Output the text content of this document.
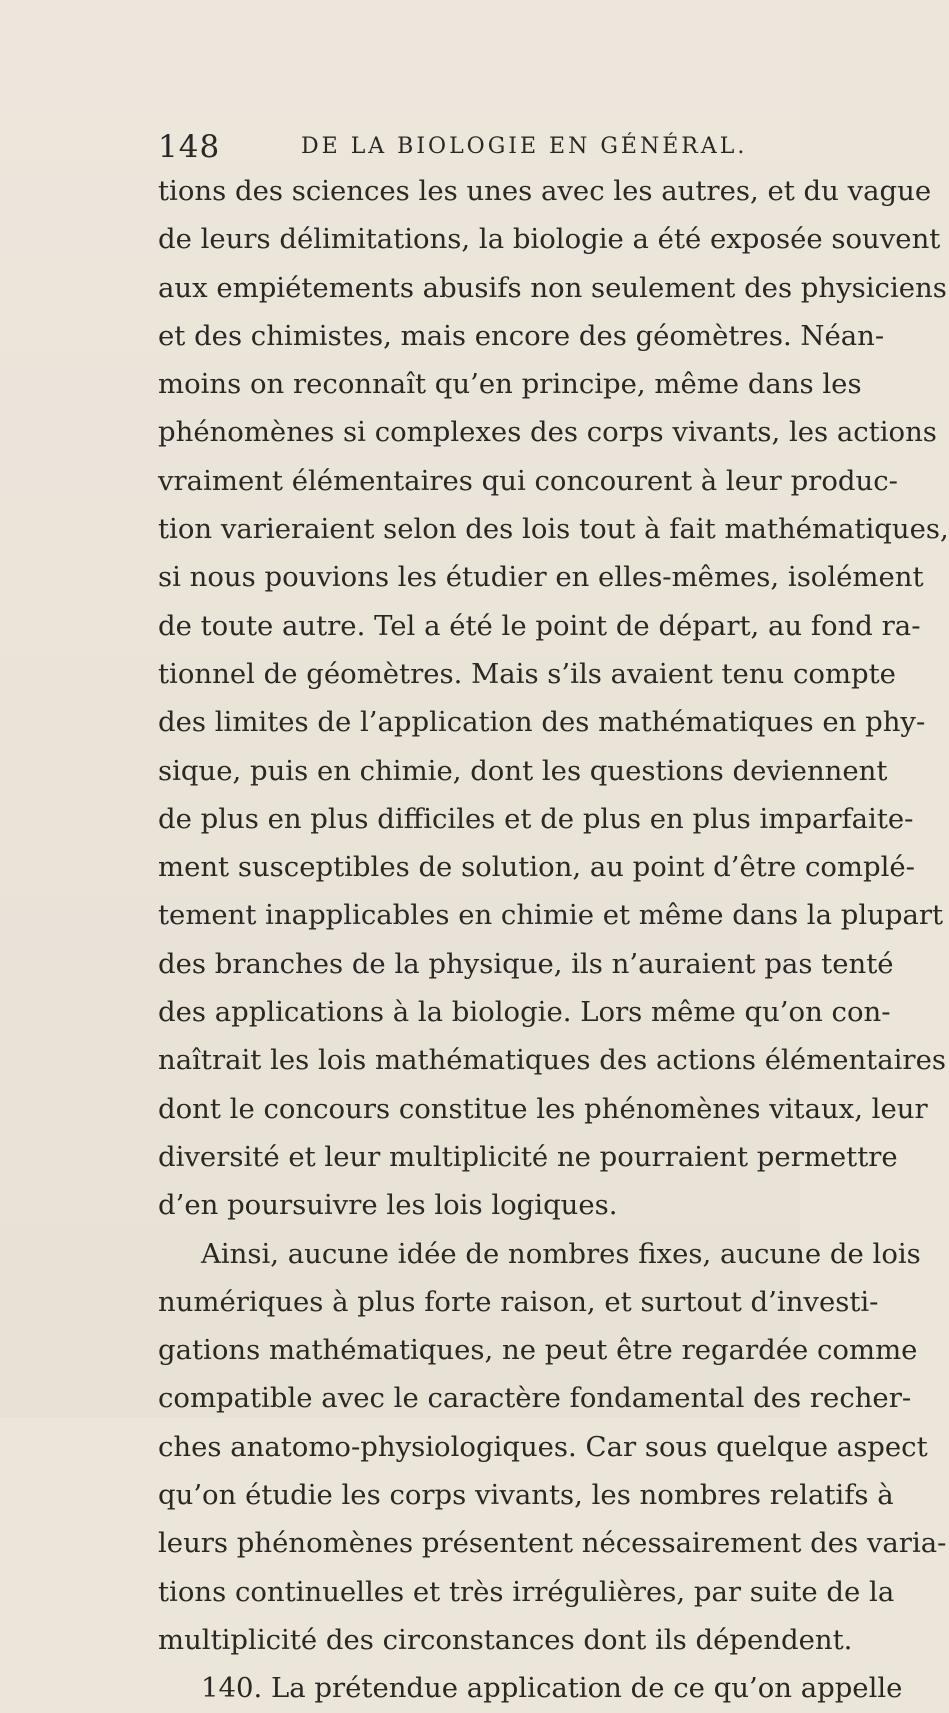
148	DE LA BIOLOGIE EN GÉNÉRAL.
tions des sciences les unes avec les autres, et du vague
de leurs délimitations, la biologie a été exposée souvent
aux empiétements abusifs non seulement des physiciens
et des chimistes, mais encore des géomètres. Néan-
moins on reconnaît qu’en principe, même dans les
phénomènes si complexes des corps vivants, les actions
vraiment élémentaires qui concourent à leur produc-
tion varieraient selon des lois tout à fait mathématiques,
si nous pouvions les étudier en elles-mêmes, isolément
de toute autre. Tel a été le point de départ, au fond ra-
tionnel de géomètres. Mais s’ils avaient tenu compte
des limites de l’application des mathématiques en phy-
sique, puis en chimie, dont les questions deviennent
de plus en plus difficiles et de plus en plus imparfaite-
ment susceptibles de solution, au point d’être complé-
tement inapplicables en chimie et même dans la plupart
des branches de la physique, ils n’auraient pas tenté
des applications à la biologie. Lors même qu’on con-
naîtrait les lois mathématiques des actions élémentaires
dont le concours constitue les phénomènes vitaux, leur
diversité et leur multiplicité ne pourraient permettre
d’en poursuivre les lois logiques.
Ainsi, aucune idée de nombres fixes, aucune de lois
numériques à plus forte raison, et surtout d’investi-
gations mathématiques, ne peut être regardée comme
compatible avec le caractère fondamental des recher-
ches anatomo-physiologiques. Car sous quelque aspect
qu’on étudie les corps vivants, les nombres relatifs à
leurs phénomènes présentent nécessairement des varia-
tions continuelles et très irrégulières, par suite de la
multiplicité des circonstances dont ils dépendent.
140. La prétendue application de ce qu’on appelle
